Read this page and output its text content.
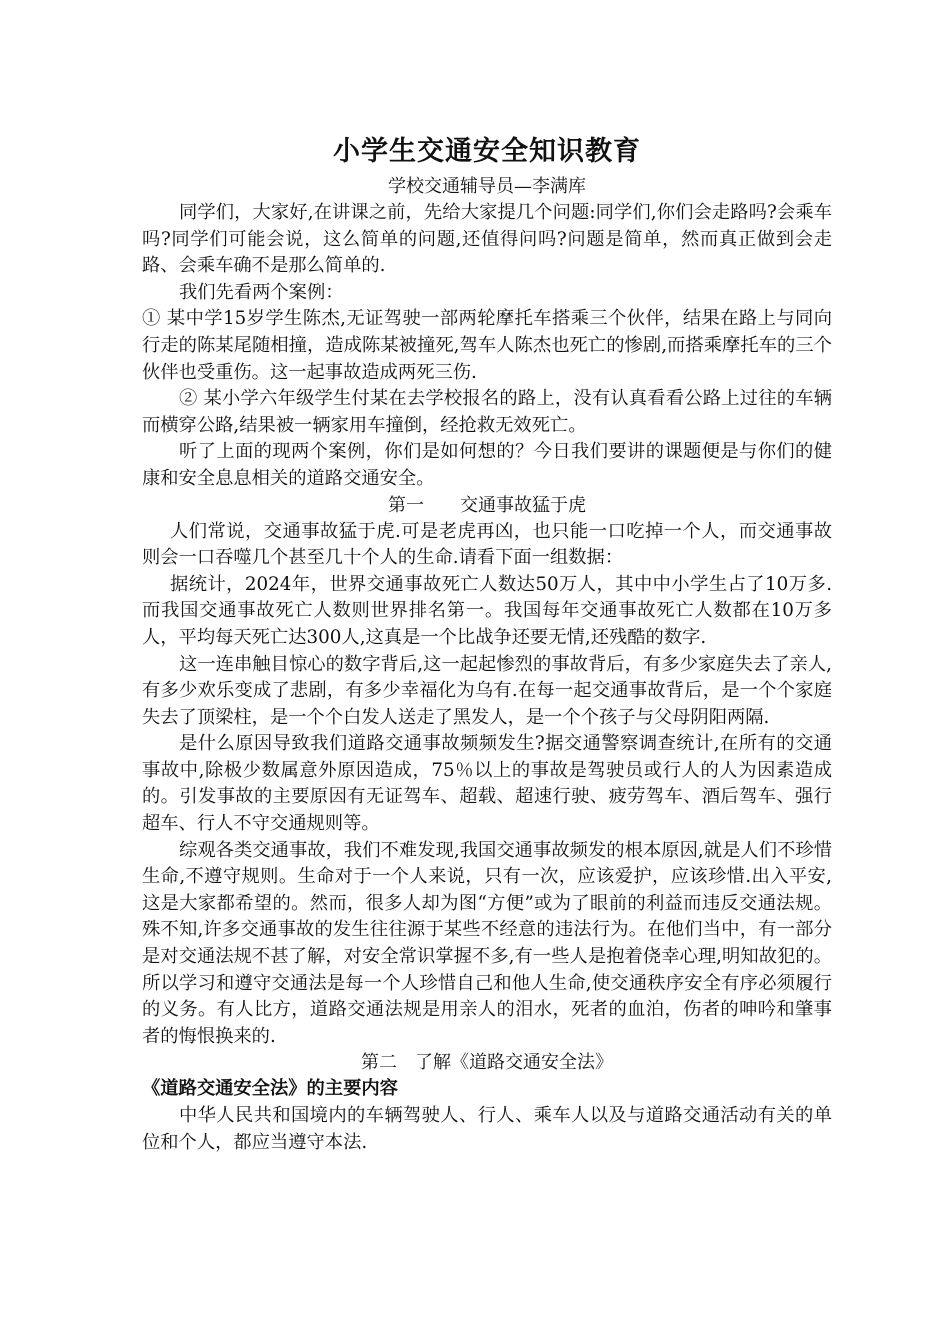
小学生交通安全知识教育
学校交通辅导员—李满库

同学们，大家好,在讲课之前，先给大家提几个问题:同学们,你们会走路吗?会乘车吗?同学们可能会说，这么简单的问题,还值得问吗?问题是简单，然而真正做到会走路、会乘车确不是那么简单的.

我们先看两个案例：

① 某中学15岁学生陈杰,无证驾驶一部两轮摩托车搭乘三个伙伴，结果在路上与同向行走的陈某尾随相撞，造成陈某被撞死,驾车人陈杰也死亡的惨剧,而搭乘摩托车的三个伙伴也受重伤。这一起事故造成两死三伤.

② 某小学六年级学生付某在去学校报名的路上，没有认真看看公路上过往的车辆而横穿公路,结果被一辆家用车撞倒，经抢救无效死亡。

听了上面的现两个案例，你们是如何想的？今日我们要讲的课题便是与你们的健康和安全息息相关的道路交通安全。

第一　　交通事故猛于虎

人们常说，交通事故猛于虎.可是老虎再凶，也只能一口吃掉一个人，而交通事故则会一口吞噬几个甚至几十个人的生命.请看下面一组数据：

据统计，2024年，世界交通事故死亡人数达50万人，其中中小学生占了10万多.而我国交通事故死亡人数则世界排名第一。我国每年交通事故死亡人数都在10万多人，平均每天死亡达300人,这真是一个比战争还要无情,还残酷的数字.

这一连串触目惊心的数字背后,这一起起惨烈的事故背后，有多少家庭失去了亲人,有多少欢乐变成了悲剧，有多少幸福化为乌有.在每一起交通事故背后，是一个个家庭失去了顶梁柱，是一个个白发人送走了黑发人，是一个个孩子与父母阴阳两隔.

是什么原因导致我们道路交通事故频频发生?据交通警察调查统计,在所有的交通事故中,除极少数属意外原因造成，75％以上的事故是驾驶员或行人的人为因素造成的。引发事故的主要原因有无证驾车、超载、超速行驶、疲劳驾车、酒后驾车、强行超车、行人不守交通规则等。

综观各类交通事故，我们不难发现,我国交通事故频发的根本原因,就是人们不珍惜生命,不遵守规则。生命对于一个人来说，只有一次，应该爱护，应该珍惜.出入平安,这是大家都希望的。然而，很多人却为图“方便”或为了眼前的利益而违反交通法规。殊不知,许多交通事故的发生往往源于某些不经意的违法行为。在他们当中，有一部分是对交通法规不甚了解，对安全常识掌握不多,有一些人是抱着侥幸心理,明知故犯的。所以学习和遵守交通法是每一个人珍惜自己和他人生命,使交通秩序安全有序必须履行的义务。有人比方，道路交通法规是用亲人的泪水，死者的血泊，伤者的呻吟和肇事者的悔恨换来的.

第二　了解《道路交通安全法》

《道路交通安全法》的主要内容

中华人民共和国境内的车辆驾驶人、行人、乘车人以及与道路交通活动有关的单位和个人，都应当遵守本法.
